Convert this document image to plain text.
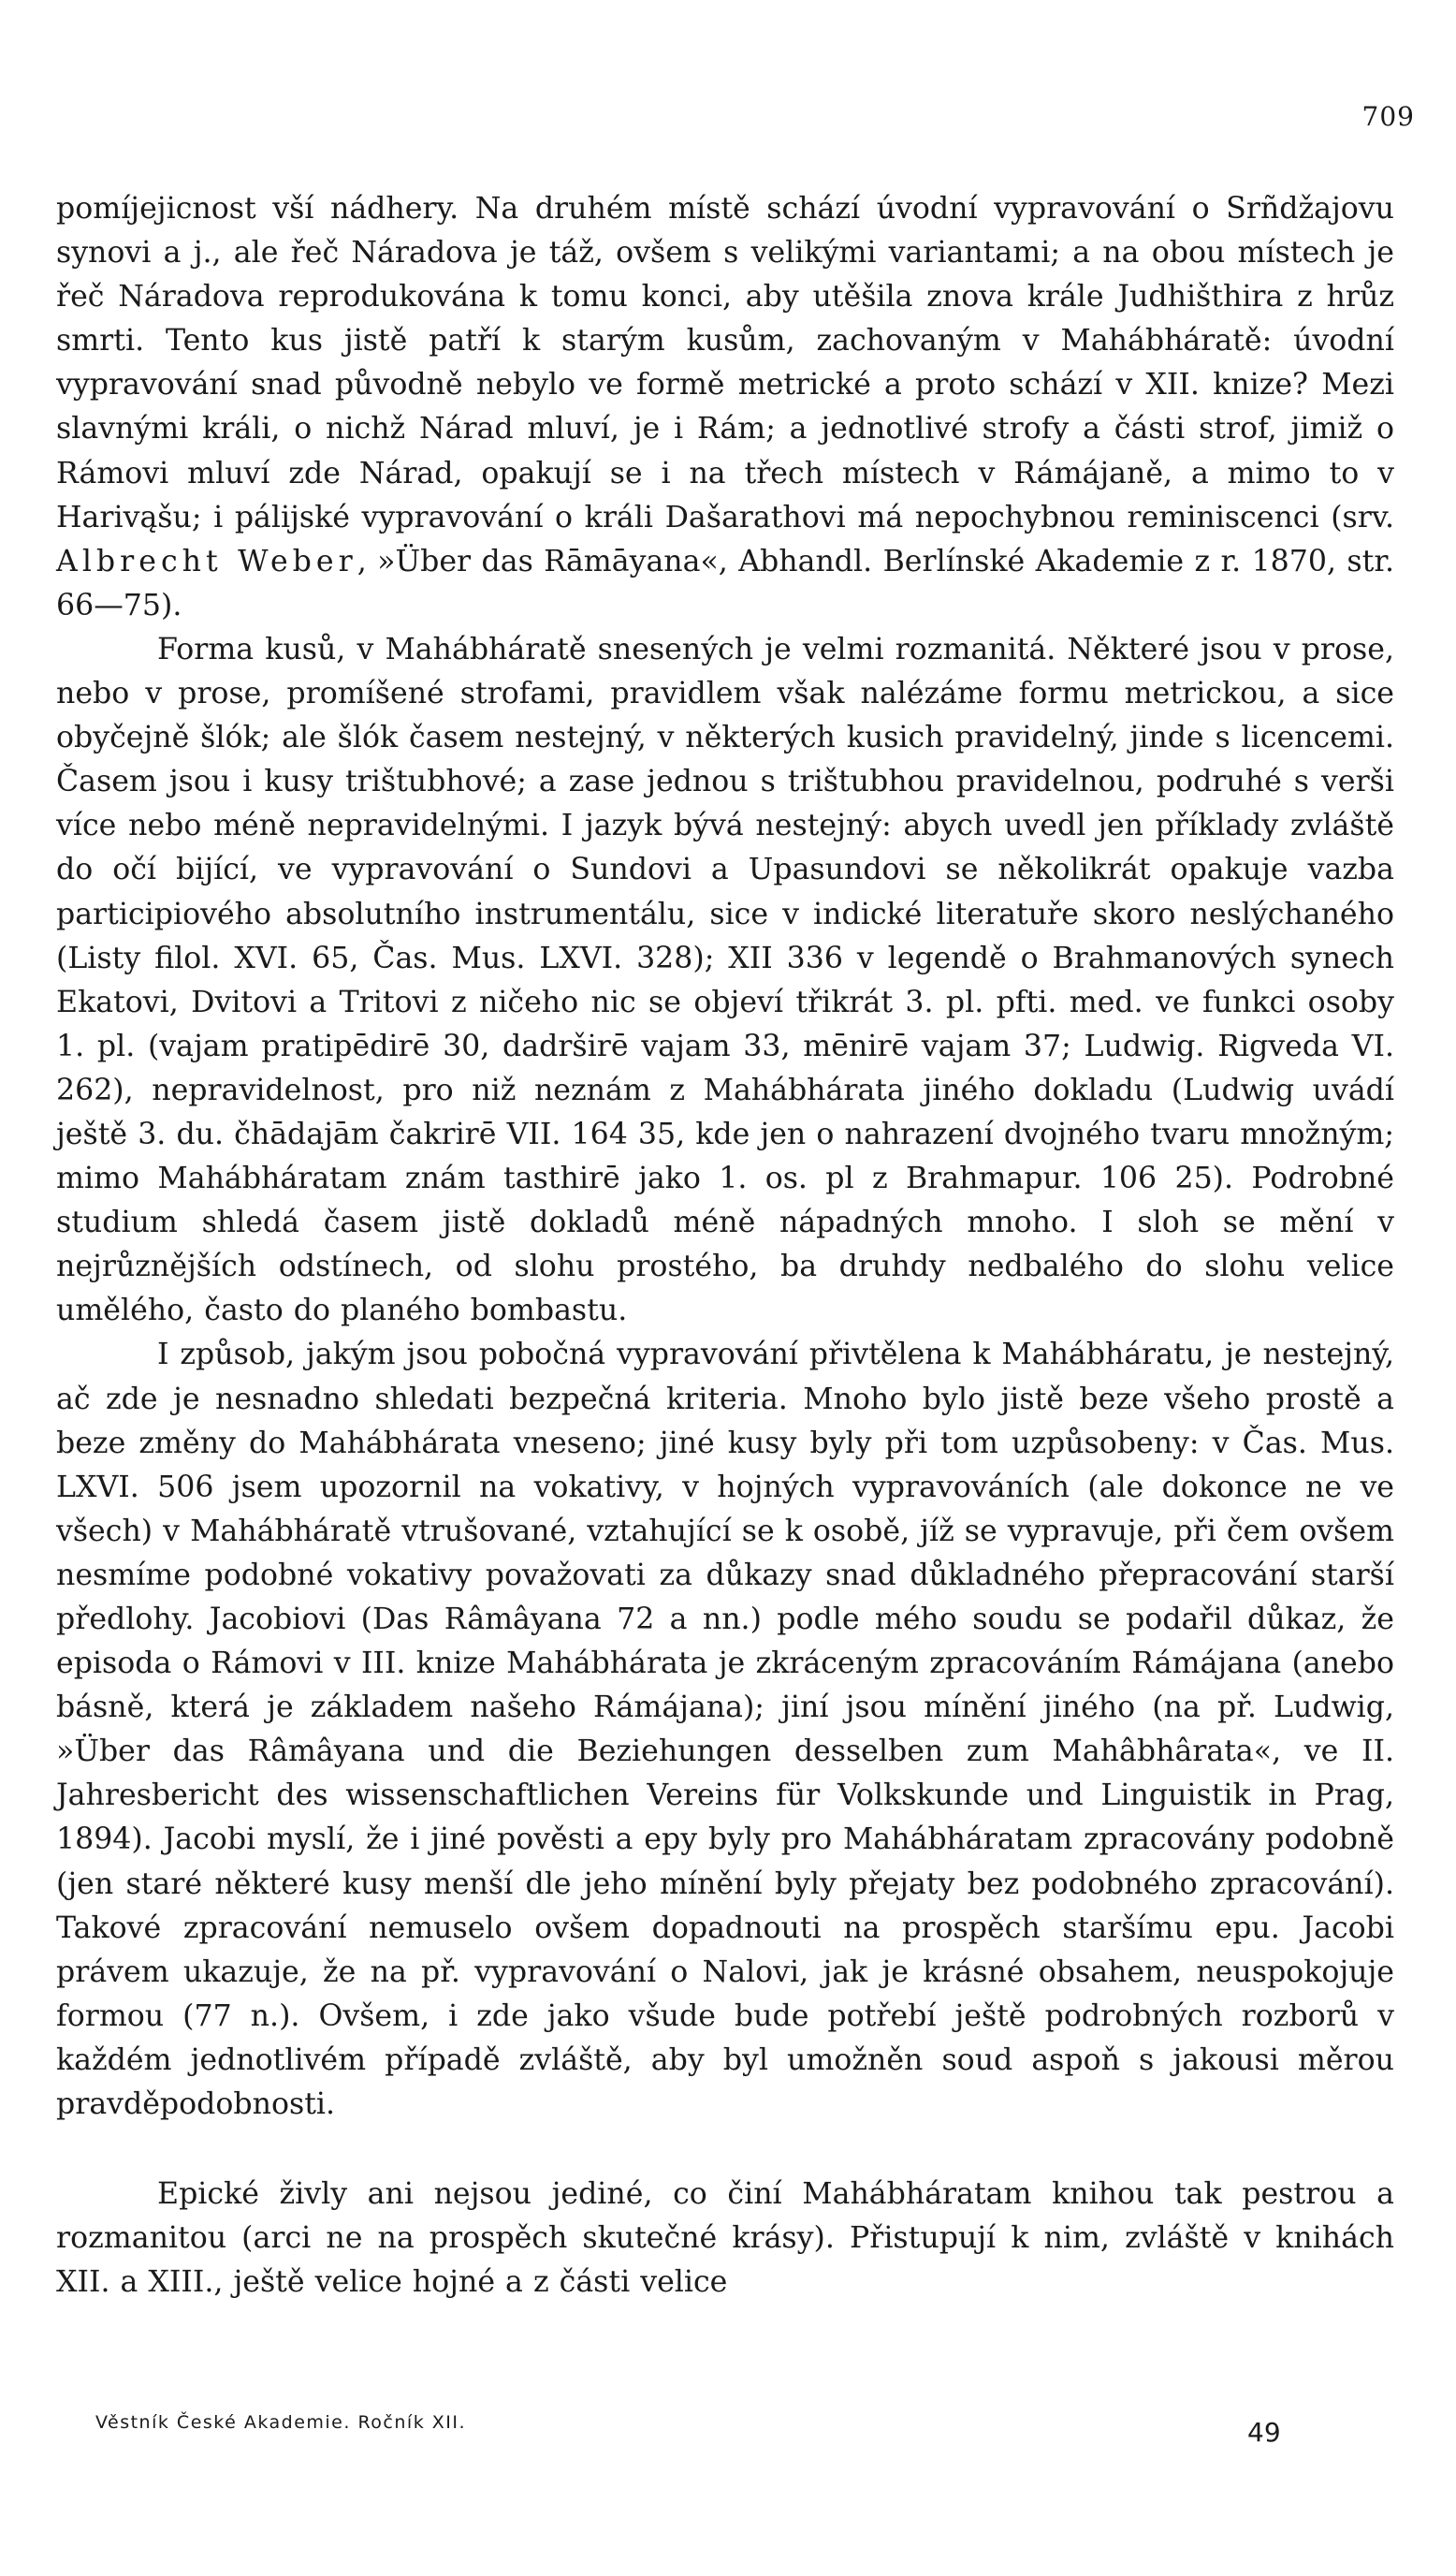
709

pomíjejicnost vší nádhery. Na druhém místě schází úvodní vypravování o Srñdžajovu synovi a j., ale řeč Náradova je táž, ovšem s velikými variantami; a na obou místech je řeč Náradova reprodukována k tomu konci, aby utěšila znova krále Judhišthira z hrůz smrti. Tento kus jistě patří k starým kusům, zachovaným v Mahábháratě: úvodní vypravování snad původně nebylo ve formě metrické a proto schází v XII. knize? Mezi slavnými králi, o nichž Nárad mluví, je i Rám; a jednotlivé strofy a části strof, jimiž o Rámovi mluví zde Nárad, opakují se i na třech místech v Rámájaně, a mimo to v Harivąšu; i pálijské vypravování o králi Dašarathovi má nepochybnou reminiscenci (srv. Albrecht Weber, »Über das Rāmāyana«, Abhandl. Berlínské Akademie z r. 1870, str. 66—75).

Forma kusů, v Mahábháratě snesených je velmi rozmanitá. Některé jsou v prose, nebo v prose, promíšené strofami, pravidlem však nalézáme formu metrickou, a sice obyčejně šlók; ale šlók časem nestejný, v některých kusich pravidelný, jinde s licencemi. Časem jsou i kusy trištubhové; a zase jednou s trištubhou pravidelnou, podruhé s verši více nebo méně nepravidelnými. I jazyk bývá nestejný: abych uvedl jen příklady zvláště do očí bijící, ve vypravování o Sundovi a Upasundovi se několikrát opakuje vazba participiového absolutního instrumentálu, sice v indické literatuře skoro neslýchaného (Listy filol. XVI. 65, Čas. Mus. LXVI. 328); XII 336 v legendě o Brahmanových synech Ekatovi, Dvitovi a Tritovi z ničeho nic se objeví třikrát 3. pl. pfti. med. ve funkci osoby 1. pl. (vajam pratipēdirē 30, dadrširē vajam 33, mēnirē vajam 37; Ludwig. Rigveda VI. 262), nepravidelnost, pro niž neznám z Mahábhárata jiného dokladu (Ludwig uvádí ještě 3. du. čhādajām čakrirē VII. 164 35, kde jen o nahrazení dvojného tvaru množným; mimo Mahábháratam znám tasthirē jako 1. os. pl z Brahmapur. 106 25). Podrobné studium shledá časem jistě dokladů méně nápadných mnoho. I sloh se mění v nejrůznějších odstínech, od slohu prostého, ba druhdy nedbalého do slohu velice umělého, často do planého bombastu.

I způsob, jakým jsou pobočná vypravování přivtělena k Mahábháratu, je nestejný, ač zde je nesnadno shledati bezpečná kriteria. Mnoho bylo jistě beze všeho prostě a beze změny do Mahábhárata vneseno; jiné kusy byly při tom uzpůsobeny: v Čas. Mus. LXVI. 506 jsem upozornil na vokativy, v hojných vypravováních (ale dokonce ne ve všech) v Mahábháratě vtrušované, vztahující se k osobě, jíž se vypravuje, při čem ovšem nesmíme podobné vokativy považovati za důkazy snad důkladného přepracování starší předlohy. Jacobiovi (Das Râmâyana 72 a nn.) podle mého soudu se podařil důkaz, že episoda o Rámovi v III. knize Mahábhárata je zkráceným zpracováním Rámájana (anebo básně, která je základem našeho Rámájana); jiní jsou mínění jiného (na př. Ludwig, »Über das Râmâyana und die Beziehungen desselben zum Mahâbhârata«, ve II. Jahresbericht des wissenschaftlichen Vereins für Volkskunde und Linguistik in Prag, 1894). Jacobi myslí, že i jiné pověsti a epy byly pro Mahábháratam zpracovány podobně (jen staré některé kusy menší dle jeho mínění byly přejaty bez podobného zpracování). Takové zpracování nemuselo ovšem dopadnouti na prospěch staršímu epu. Jacobi právem ukazuje, že na př. vypravování o Nalovi, jak je krásné obsahem, neuspokojuje formou (77 n.). Ovšem, i zde jako všude bude potřebí ještě podrobných rozborů v každém jednotlivém případě zvláště, aby byl umožněn soud aspoň s jakousi měrou pravděpodobnosti.

Epické živly ani nejsou jediné, co činí Mahábháratam knihou tak pestrou a rozmanitou (arci ne na prospěch skutečné krásy). Přistupují k nim, zvláště v knihách XII. a XIII., ještě velice hojné a z části velice

Věstník České Akademie. Ročník XII.	49
